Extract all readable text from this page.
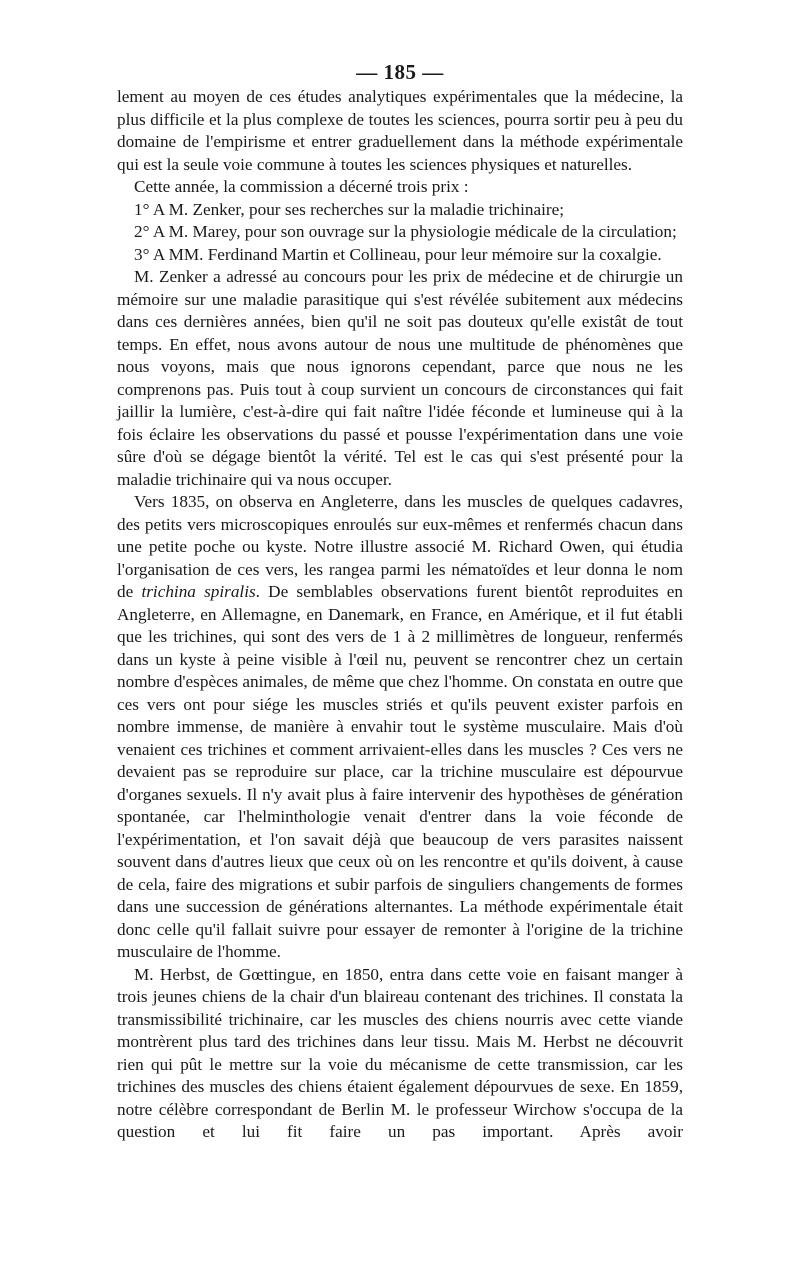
— 185 —

lement au moyen de ces études analytiques expérimentales que la médecine, la plus difficile et la plus complexe de toutes les sciences, pourra sortir peu à peu du domaine de l'empirisme et entrer graduellement dans la méthode expérimentale qui est la seule voie commune à toutes les sciences physiques et naturelles.

Cette année, la commission a décerné trois prix :

1° A M. Zenker, pour ses recherches sur la maladie trichinaire;

2° A M. Marey, pour son ouvrage sur la physiologie médicale de la circulation;

3° A MM. Ferdinand Martin et Collineau, pour leur mémoire sur la coxalgie.

M. Zenker a adressé au concours pour les prix de médecine et de chirurgie un mémoire sur une maladie parasitique qui s'est révélée subitement aux médecins dans ces dernières années, bien qu'il ne soit pas douteux qu'elle existât de tout temps. En effet, nous avons autour de nous une multitude de phénomènes que nous voyons, mais que nous ignorons cependant, parce que nous ne les comprenons pas. Puis tout à coup survient un concours de circonstances qui fait jaillir la lumière, c'est-à-dire qui fait naître l'idée féconde et lumineuse qui à la fois éclaire les observations du passé et pousse l'expérimentation dans une voie sûre d'où se dégage bientôt la vérité. Tel est le cas qui s'est présenté pour la maladie trichinaire qui va nous occuper.

Vers 1835, on observa en Angleterre, dans les muscles de quelques cadavres, des petits vers microscopiques enroulés sur eux-mêmes et renfermés chacun dans une petite poche ou kyste. Notre illustre associé M. Richard Owen, qui étudia l'organisation de ces vers, les rangea parmi les nématoïdes et leur donna le nom de trichina spiralis. De semblables observations furent bientôt reproduites en Angleterre, en Allemagne, en Danemark, en France, en Amérique, et il fut établi que les trichines, qui sont des vers de 1 à 2 millimètres de longueur, renfermés dans un kyste à peine visible à l'œil nu, peuvent se rencontrer chez un certain nombre d'espèces animales, de même que chez l'homme. On constata en outre que ces vers ont pour siége les muscles striés et qu'ils peuvent exister parfois en nombre immense, de manière à envahir tout le système musculaire. Mais d'où venaient ces trichines et comment arrivaient-elles dans les muscles ? Ces vers ne devaient pas se reproduire sur place, car la trichine musculaire est dépourvue d'organes sexuels. Il n'y avait plus à faire intervenir des hypothèses de génération spontanée, car l'helminthologie venait d'entrer dans la voie féconde de l'expérimentation, et l'on savait déjà que beaucoup de vers parasites naissent souvent dans d'autres lieux que ceux où on les rencontre et qu'ils doivent, à cause de cela, faire des migrations et subir parfois de singuliers changements de formes dans une succession de générations alternantes. La méthode expérimentale était donc celle qu'il fallait suivre pour essayer de remonter à l'origine de la trichine musculaire de l'homme.

M. Herbst, de Gœttingue, en 1850, entra dans cette voie en faisant manger à trois jeunes chiens de la chair d'un blaireau contenant des trichines. Il constata la transmissibilité trichinaire, car les muscles des chiens nourris avec cette viande montrèrent plus tard des trichines dans leur tissu. Mais M. Herbst ne découvrit rien qui pût le mettre sur la voie du mécanisme de cette transmission, car les trichines des muscles des chiens étaient également dépourvues de sexe. En 1859, notre célèbre correspondant de Berlin M. le professeur Wirchow s'occupa de la question et lui fit faire un pas important. Après avoir
